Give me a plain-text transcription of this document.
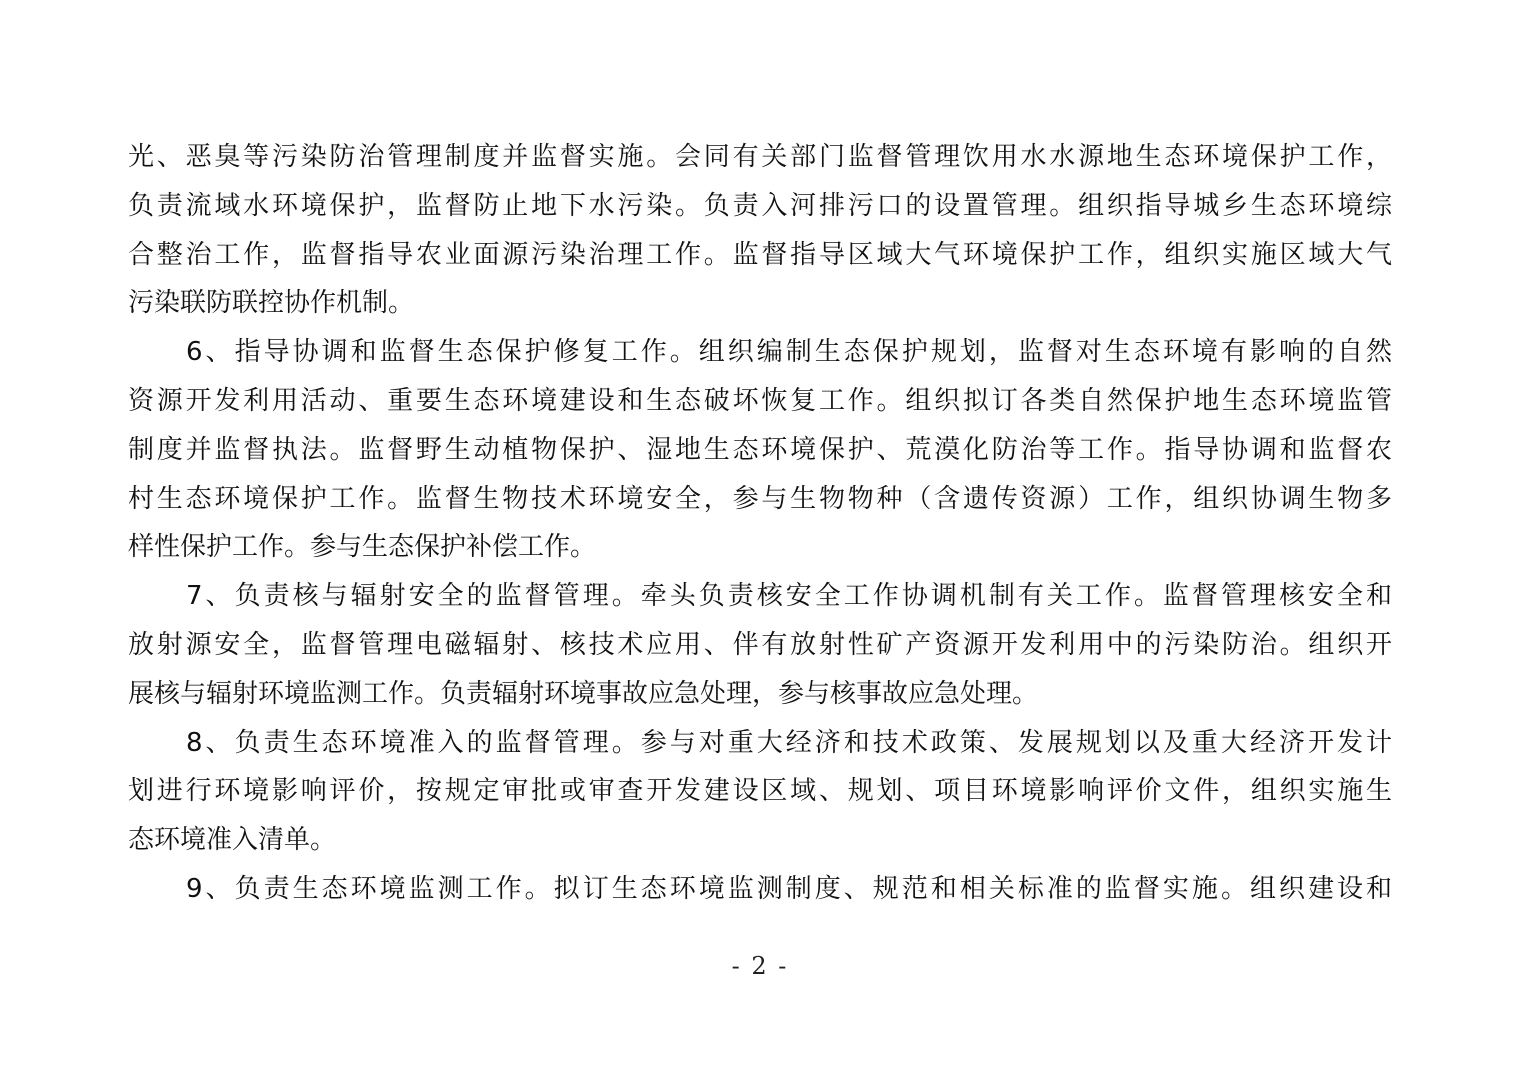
光、恶臭等污染防治管理制度并监督实施。会同有关部门监督管理饮用水水源地生态环境保护工作，
负责流域水环境保护，监督防止地下水污染。负责入河排污口的设置管理。组织指导城乡生态环境综
合整治工作，监督指导农业面源污染治理工作。监督指导区域大气环境保护工作，组织实施区域大气
污染联防联控协作机制。
6、指导协调和监督生态保护修复工作。组织编制生态保护规划，监督对生态环境有影响的自然
资源开发利用活动、重要生态环境建设和生态破坏恢复工作。组织拟订各类自然保护地生态环境监管
制度并监督执法。监督野生动植物保护、湿地生态环境保护、荒漠化防治等工作。指导协调和监督农
村生态环境保护工作。监督生物技术环境安全，参与生物物种（含遗传资源）工作，组织协调生物多
样性保护工作。参与生态保护补偿工作。
7、负责核与辐射安全的监督管理。牵头负责核安全工作协调机制有关工作。监督管理核安全和
放射源安全，监督管理电磁辐射、核技术应用、伴有放射性矿产资源开发利用中的污染防治。组织开
展核与辐射环境监测工作。负责辐射环境事故应急处理，参与核事故应急处理。
8、负责生态环境准入的监督管理。参与对重大经济和技术政策、发展规划以及重大经济开发计
划进行环境影响评价，按规定审批或审查开发建设区域、规划、项目环境影响评价文件，组织实施生
态环境准入清单。
9、负责生态环境监测工作。拟订生态环境监测制度、规范和相关标准的监督实施。组织建设和
- 2 -
